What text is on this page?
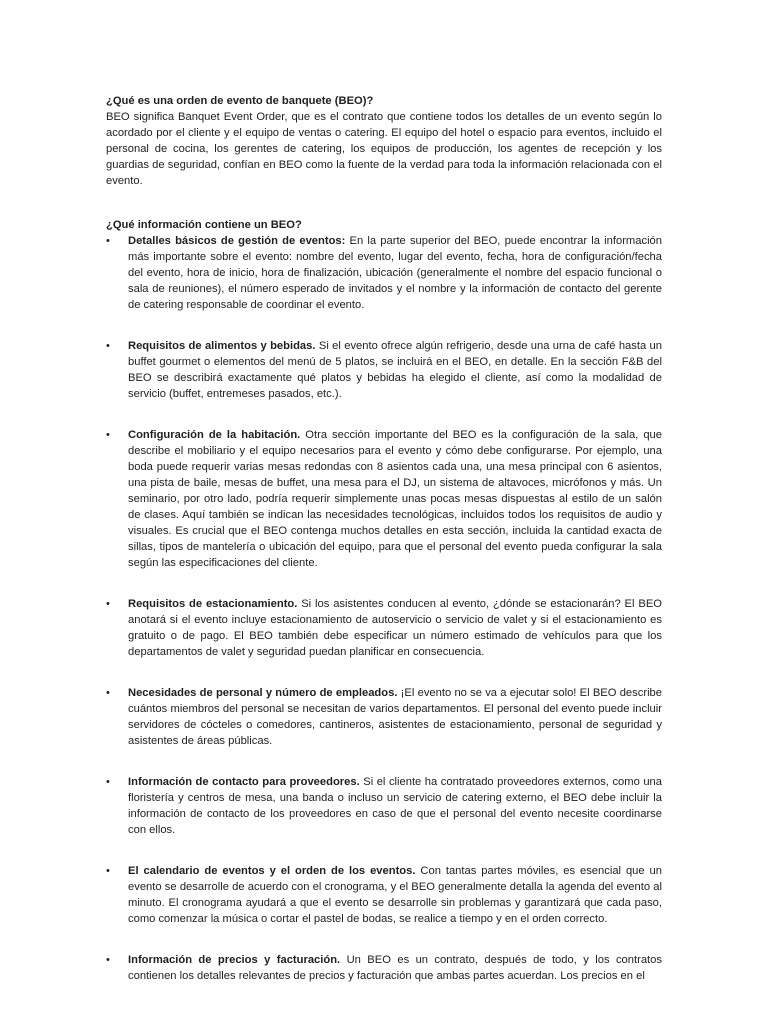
¿Qué es una orden de evento de banquete (BEO)?

BEO significa Banquet Event Order, que es el contrato que contiene todos los detalles de un evento según lo acordado por el cliente y el equipo de ventas o catering. El equipo del hotel o espacio para eventos, incluido el personal de cocina, los gerentes de catering, los equipos de producción, los agentes de recepción y los guardias de seguridad, confían en BEO como la fuente de la verdad para toda la información relacionada con el evento.

¿Qué información contiene un BEO?

•	Detalles básicos de gestión de eventos: En la parte superior del BEO, puede encontrar la información más importante sobre el evento: nombre del evento, lugar del evento, fecha, hora de configuración/fecha del evento, hora de inicio, hora de finalización, ubicación (generalmente el nombre del espacio funcional o sala de reuniones), el número esperado de invitados y el nombre y la información de contacto del gerente de catering responsable de coordinar el evento.
•	Requisitos de alimentos y bebidas. Si el evento ofrece algún refrigerio, desde una urna de café hasta un buffet gourmet o elementos del menú de 5 platos, se incluirá en el BEO, en detalle. En la sección F&B del BEO se describirá exactamente qué platos y bebidas ha elegido el cliente, así como la modalidad de servicio (buffet, entremeses pasados, etc.).
•	Configuración de la habitación. Otra sección importante del BEO es la configuración de la sala, que describe el mobiliario y el equipo necesarios para el evento y cómo debe configurarse. Por ejemplo, una boda puede requerir varias mesas redondas con 8 asientos cada una, una mesa principal con 6 asientos, una pista de baile, mesas de buffet, una mesa para el DJ, un sistema de altavoces, micrófonos y más. Un seminario, por otro lado, podría requerir simplemente unas pocas mesas dispuestas al estilo de un salón de clases. Aquí también se indican las necesidades tecnológicas, incluidos todos los requisitos de audio y visuales. Es crucial que el BEO contenga muchos detalles en esta sección, incluida la cantidad exacta de sillas, tipos de mantelería o ubicación del equipo, para que el personal del evento pueda configurar la sala según las especificaciones del cliente.
•	Requisitos de estacionamiento. Si los asistentes conducen al evento, ¿dónde se estacionarán? El BEO anotará si el evento incluye estacionamiento de autoservicio o servicio de valet y si el estacionamiento es gratuito o de pago. El BEO también debe especificar un número estimado de vehículos para que los departamentos de valet y seguridad puedan planificar en consecuencia.
•	Necesidades de personal y número de empleados. ¡El evento no se va a ejecutar solo! El BEO describe cuántos miembros del personal se necesitan de varios departamentos. El personal del evento puede incluir servidores de cócteles o comedores, cantineros, asistentes de estacionamiento, personal de seguridad y asistentes de áreas públicas.
•	Información de contacto para proveedores. Si el cliente ha contratado proveedores externos, como una floristería y centros de mesa, una banda o incluso un servicio de catering externo, el BEO debe incluir la información de contacto de los proveedores en caso de que el personal del evento necesite coordinarse con ellos.
•	El calendario de eventos y el orden de los eventos. Con tantas partes móviles, es esencial que un evento se desarrolle de acuerdo con el cronograma, y el BEO generalmente detalla la agenda del evento al minuto. El cronograma ayudará a que el evento se desarrolle sin problemas y garantizará que cada paso, como comenzar la música o cortar el pastel de bodas, se realice a tiempo y en el orden correcto.
•	Información de precios y facturación. Un BEO es un contrato, después de todo, y los contratos contienen los detalles relevantes de precios y facturación que ambas partes acuerdan. Los precios en el
